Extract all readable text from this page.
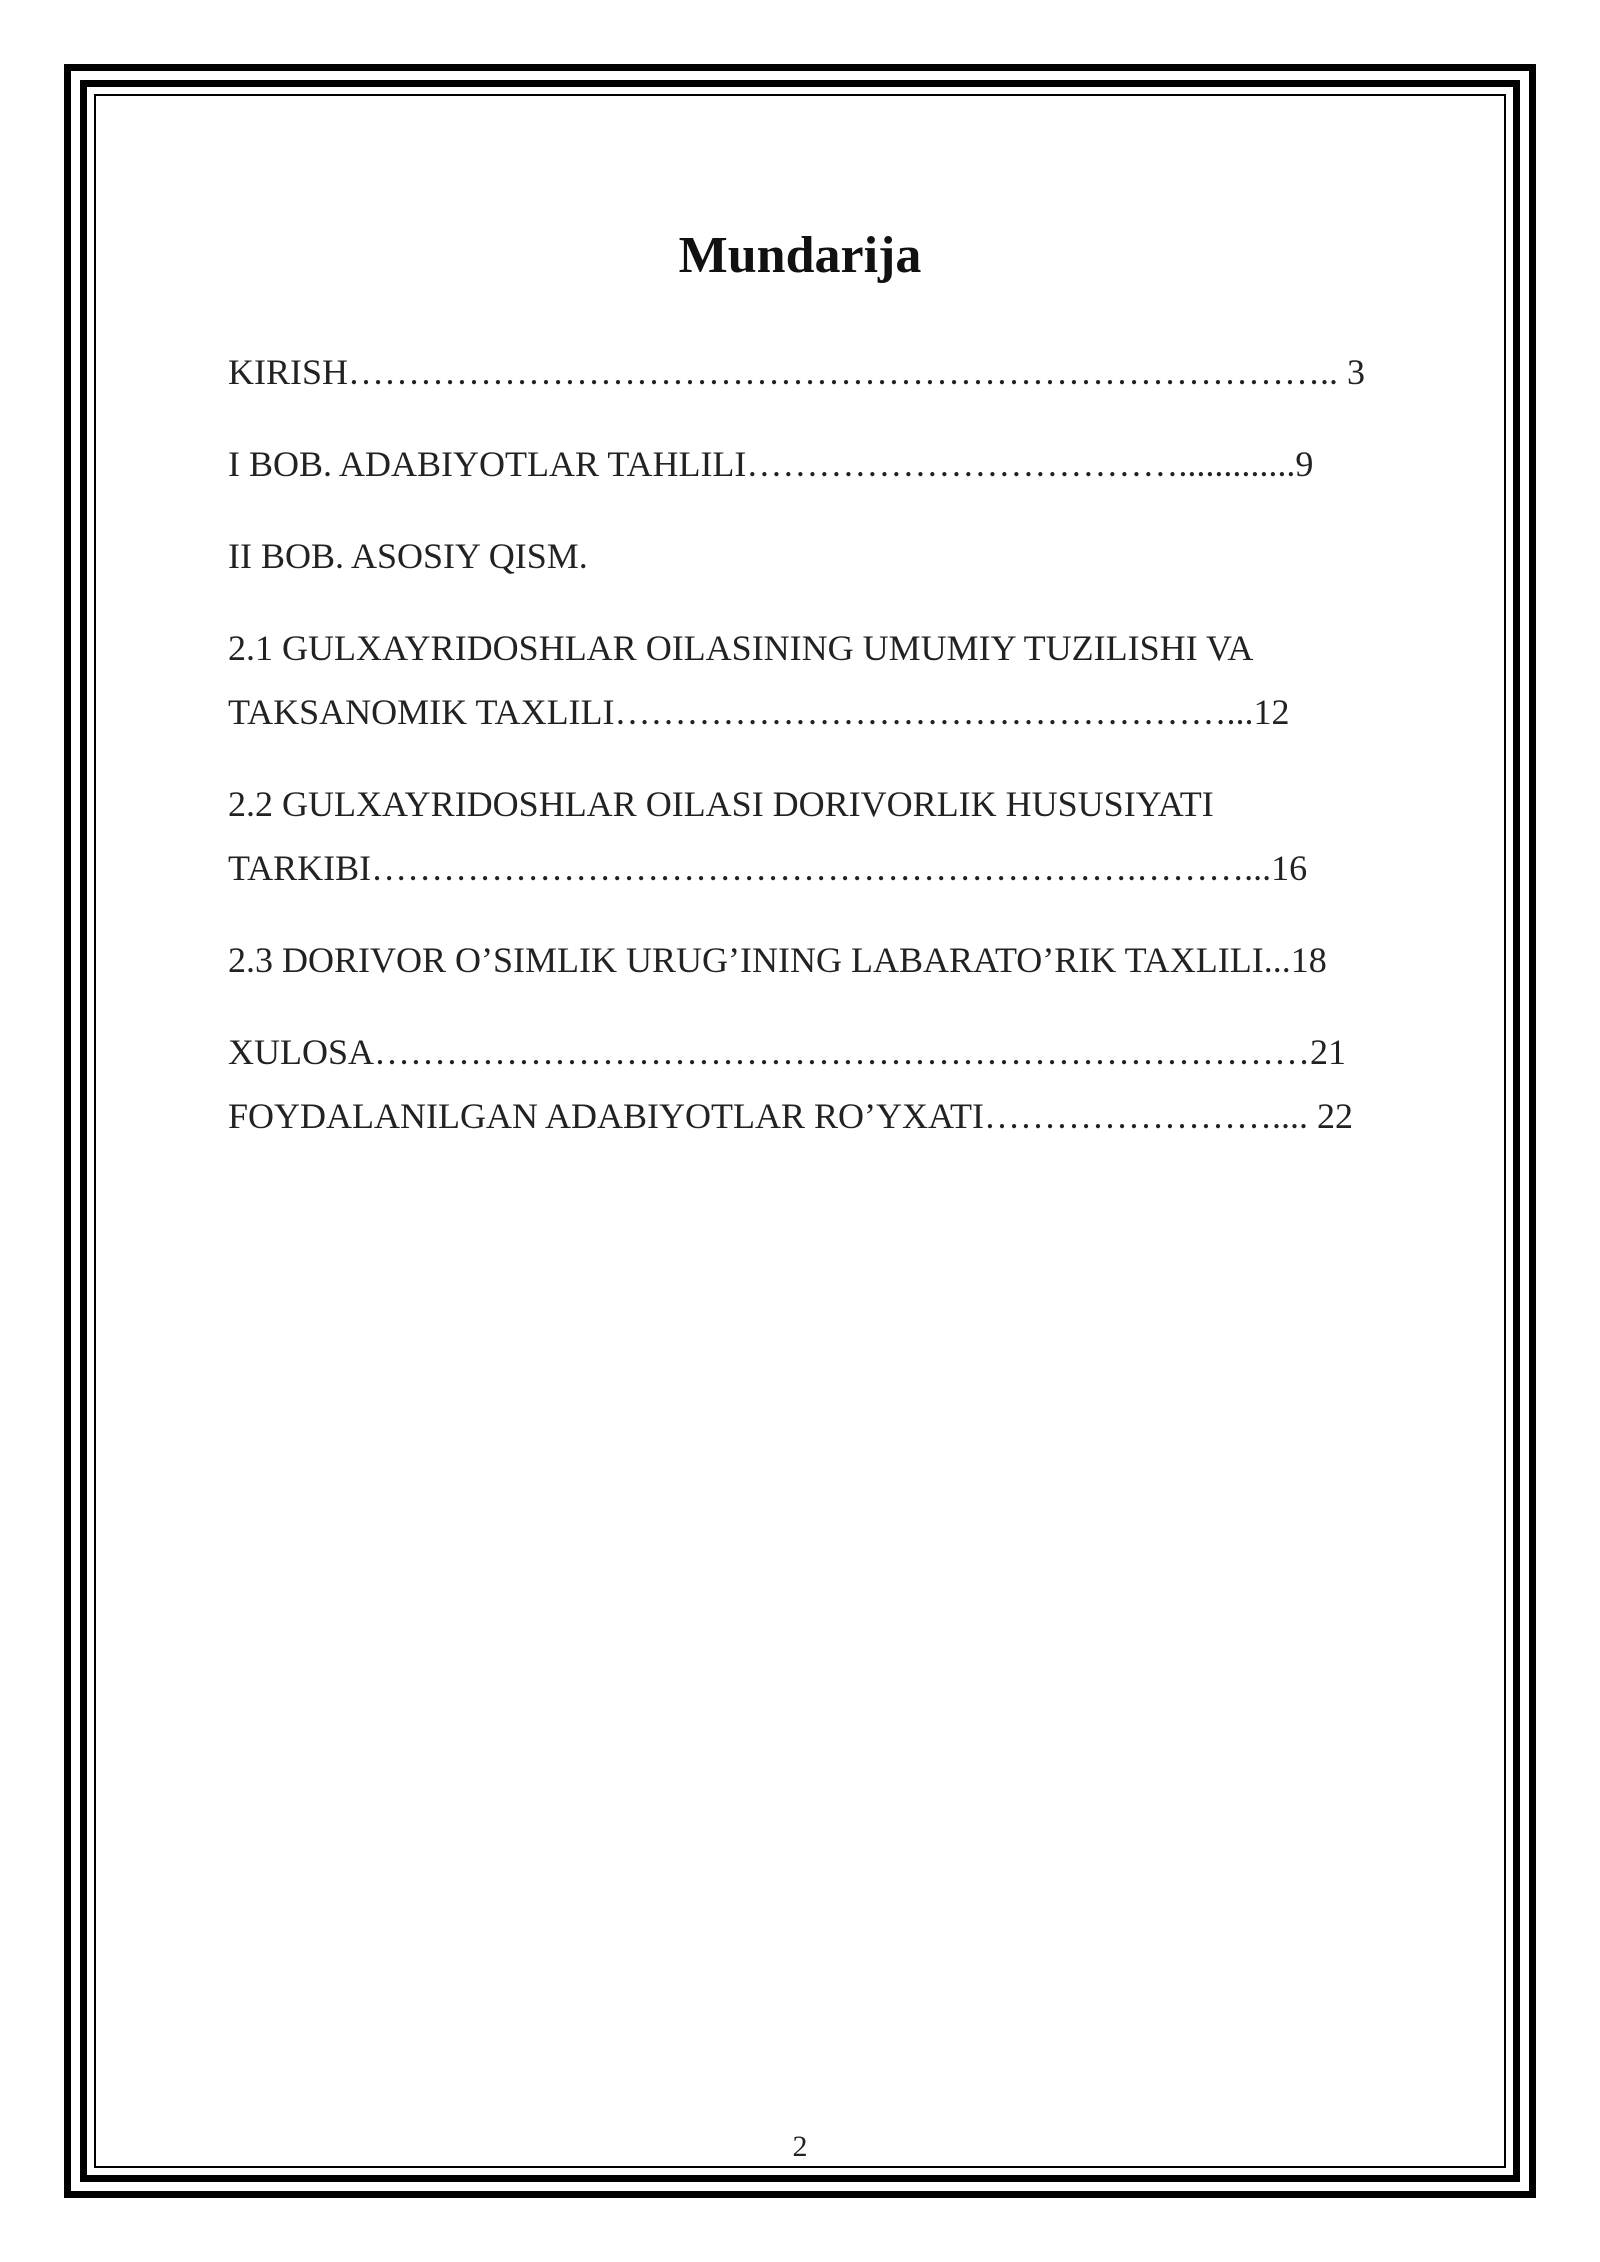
Mundarija
KIRISH……………………………………………………………………….. 3
I BOB. ADABIYOTLAR TAHLILI……………………………….............9
II BOB. ASOSIY QISM.
2.1 GULXAYRIDOSHLAR OILASINING UMUMIY TUZILISHI VA
TAKSANOMIK TAXLILI……………………………………………...12
2.2 GULXAYRIDOSHLAR OILASI DORIVORLIK HUSUSIYATI
TARKIBI……………………………………………………….………...16
2.3 DORIVOR O’SIMLIK URUG’INING LABARATO’RIK TAXLILI...18
XULOSA……………………………………………………………………21
FOYDALANILGAN ADABIYOTLAR RO’YXATI…………………….... 22
2
